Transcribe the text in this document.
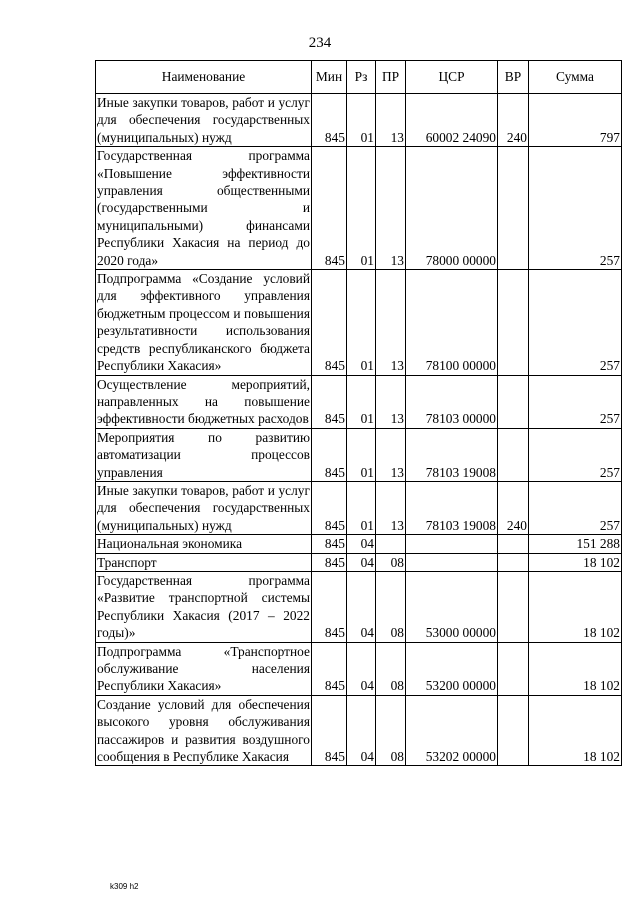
234
Наименование	Мин	Рз	ПР	ЦСР	ВР	Сумма
Иные закупки товаров, работ и услуг для обеспечения государственных (муниципальных) нужд	845	01	13	60002 24090	240	797
Государственная программа «Повышение эффективности управления общественными (государственными и муниципальными) финансами Республики Хакасия на период до 2020 года»	845	01	13	78000 00000		257
Подпрограмма «Создание условий для эффективного управления бюджетным процессом и повышения результативности использования средств республиканского бюджета Республики Хакасия»	845	01	13	78100 00000		257
Осуществление мероприятий, направленных на повышение эффективности бюджетных расходов	845	01	13	78103 00000		257
Мероприятия по развитию автоматизации процессов управления	845	01	13	78103 19008		257
Иные закупки товаров, работ и услуг для обеспечения государственных (муниципальных) нужд	845	01	13	78103 19008	240	257
Национальная экономика	845	04				151 288
Транспорт	845	04	08			18 102
Государственная программа «Развитие транспортной системы Республики Хакасия (2017 – 2022 годы)»	845	04	08	53000 00000		18 102
Подпрограмма «Транспортное обслуживание населения Республики Хакасия»	845	04	08	53200 00000		18 102
Создание условий для обеспечения высокого уровня обслуживания пассажиров и развития воздушного сообщения в Республике Хакасия	845	04	08	53202 00000		18 102
k309 h2
